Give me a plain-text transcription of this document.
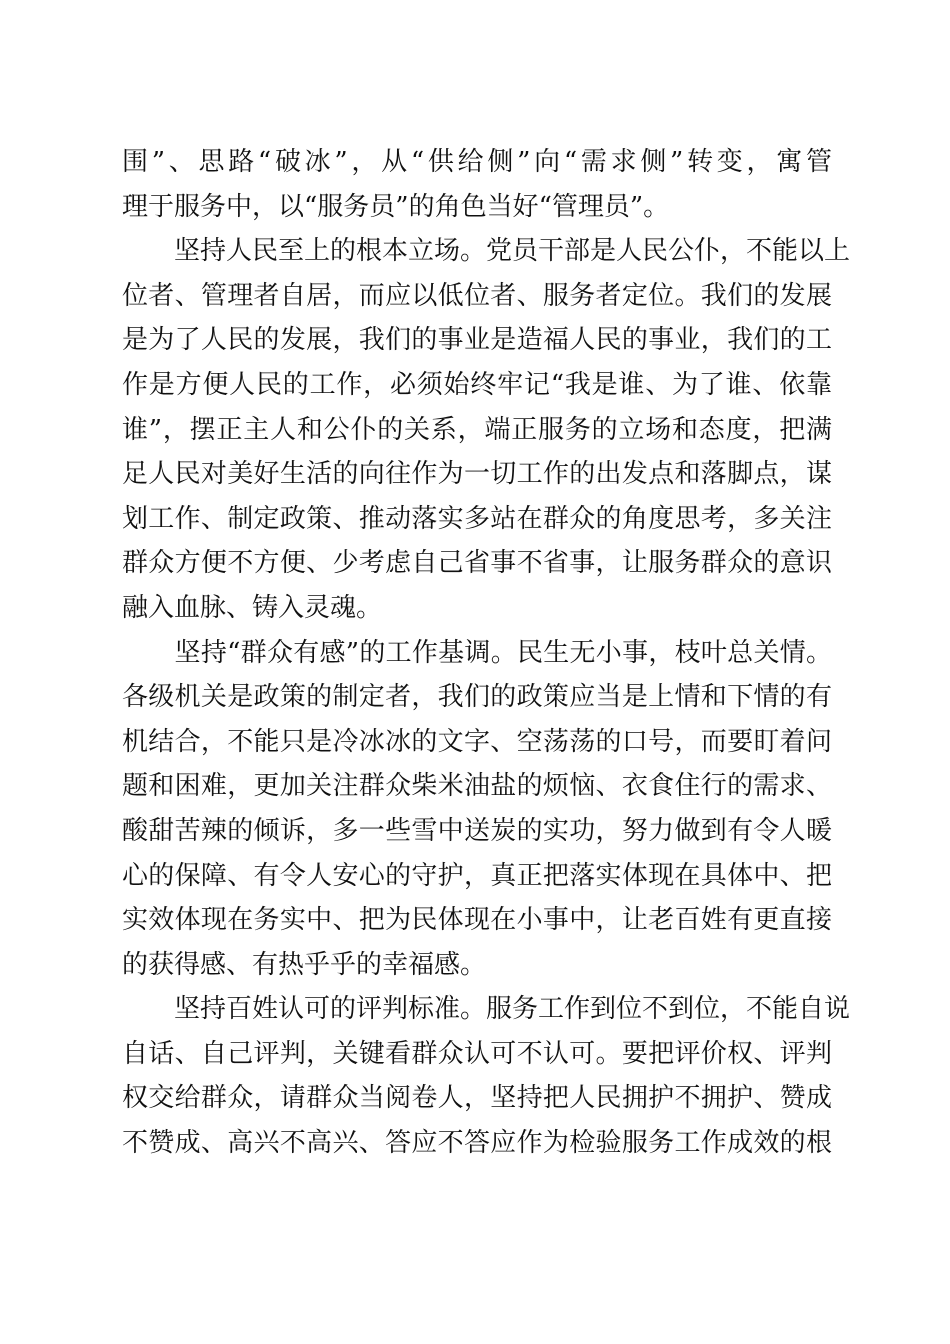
围”、思路“破冰”，从“供给侧”向“需求侧”转变，寓管
理于服务中，以“服务员”的角色当好“管理员”。
　　坚持人民至上的根本立场。党员干部是人民公仆，不能以上
位者、管理者自居，而应以低位者、服务者定位。我们的发展
是为了人民的发展，我们的事业是造福人民的事业，我们的工
作是方便人民的工作，必须始终牢记“我是谁、为了谁、依靠
谁”，摆正主人和公仆的关系，端正服务的立场和态度，把满
足人民对美好生活的向往作为一切工作的出发点和落脚点，谋
划工作、制定政策、推动落实多站在群众的角度思考，多关注
群众方便不方便、少考虑自己省事不省事，让服务群众的意识
融入血脉、铸入灵魂。
　　坚持“群众有感”的工作基调。民生无小事，枝叶总关情。
各级机关是政策的制定者，我们的政策应当是上情和下情的有
机结合，不能只是冷冰冰的文字、空荡荡的口号，而要盯着问
题和困难，更加关注群众柴米油盐的烦恼、衣食住行的需求、
酸甜苦辣的倾诉，多一些雪中送炭的实功，努力做到有令人暖
心的保障、有令人安心的守护，真正把落实体现在具体中、把
实效体现在务实中、把为民体现在小事中，让老百姓有更直接
的获得感、有热乎乎的幸福感。
　　坚持百姓认可的评判标准。服务工作到位不到位，不能自说
自话、自己评判，关键看群众认可不认可。要把评价权、评判
权交给群众，请群众当阅卷人，坚持把人民拥护不拥护、赞成
不赞成、高兴不高兴、答应不答应作为检验服务工作成效的根
